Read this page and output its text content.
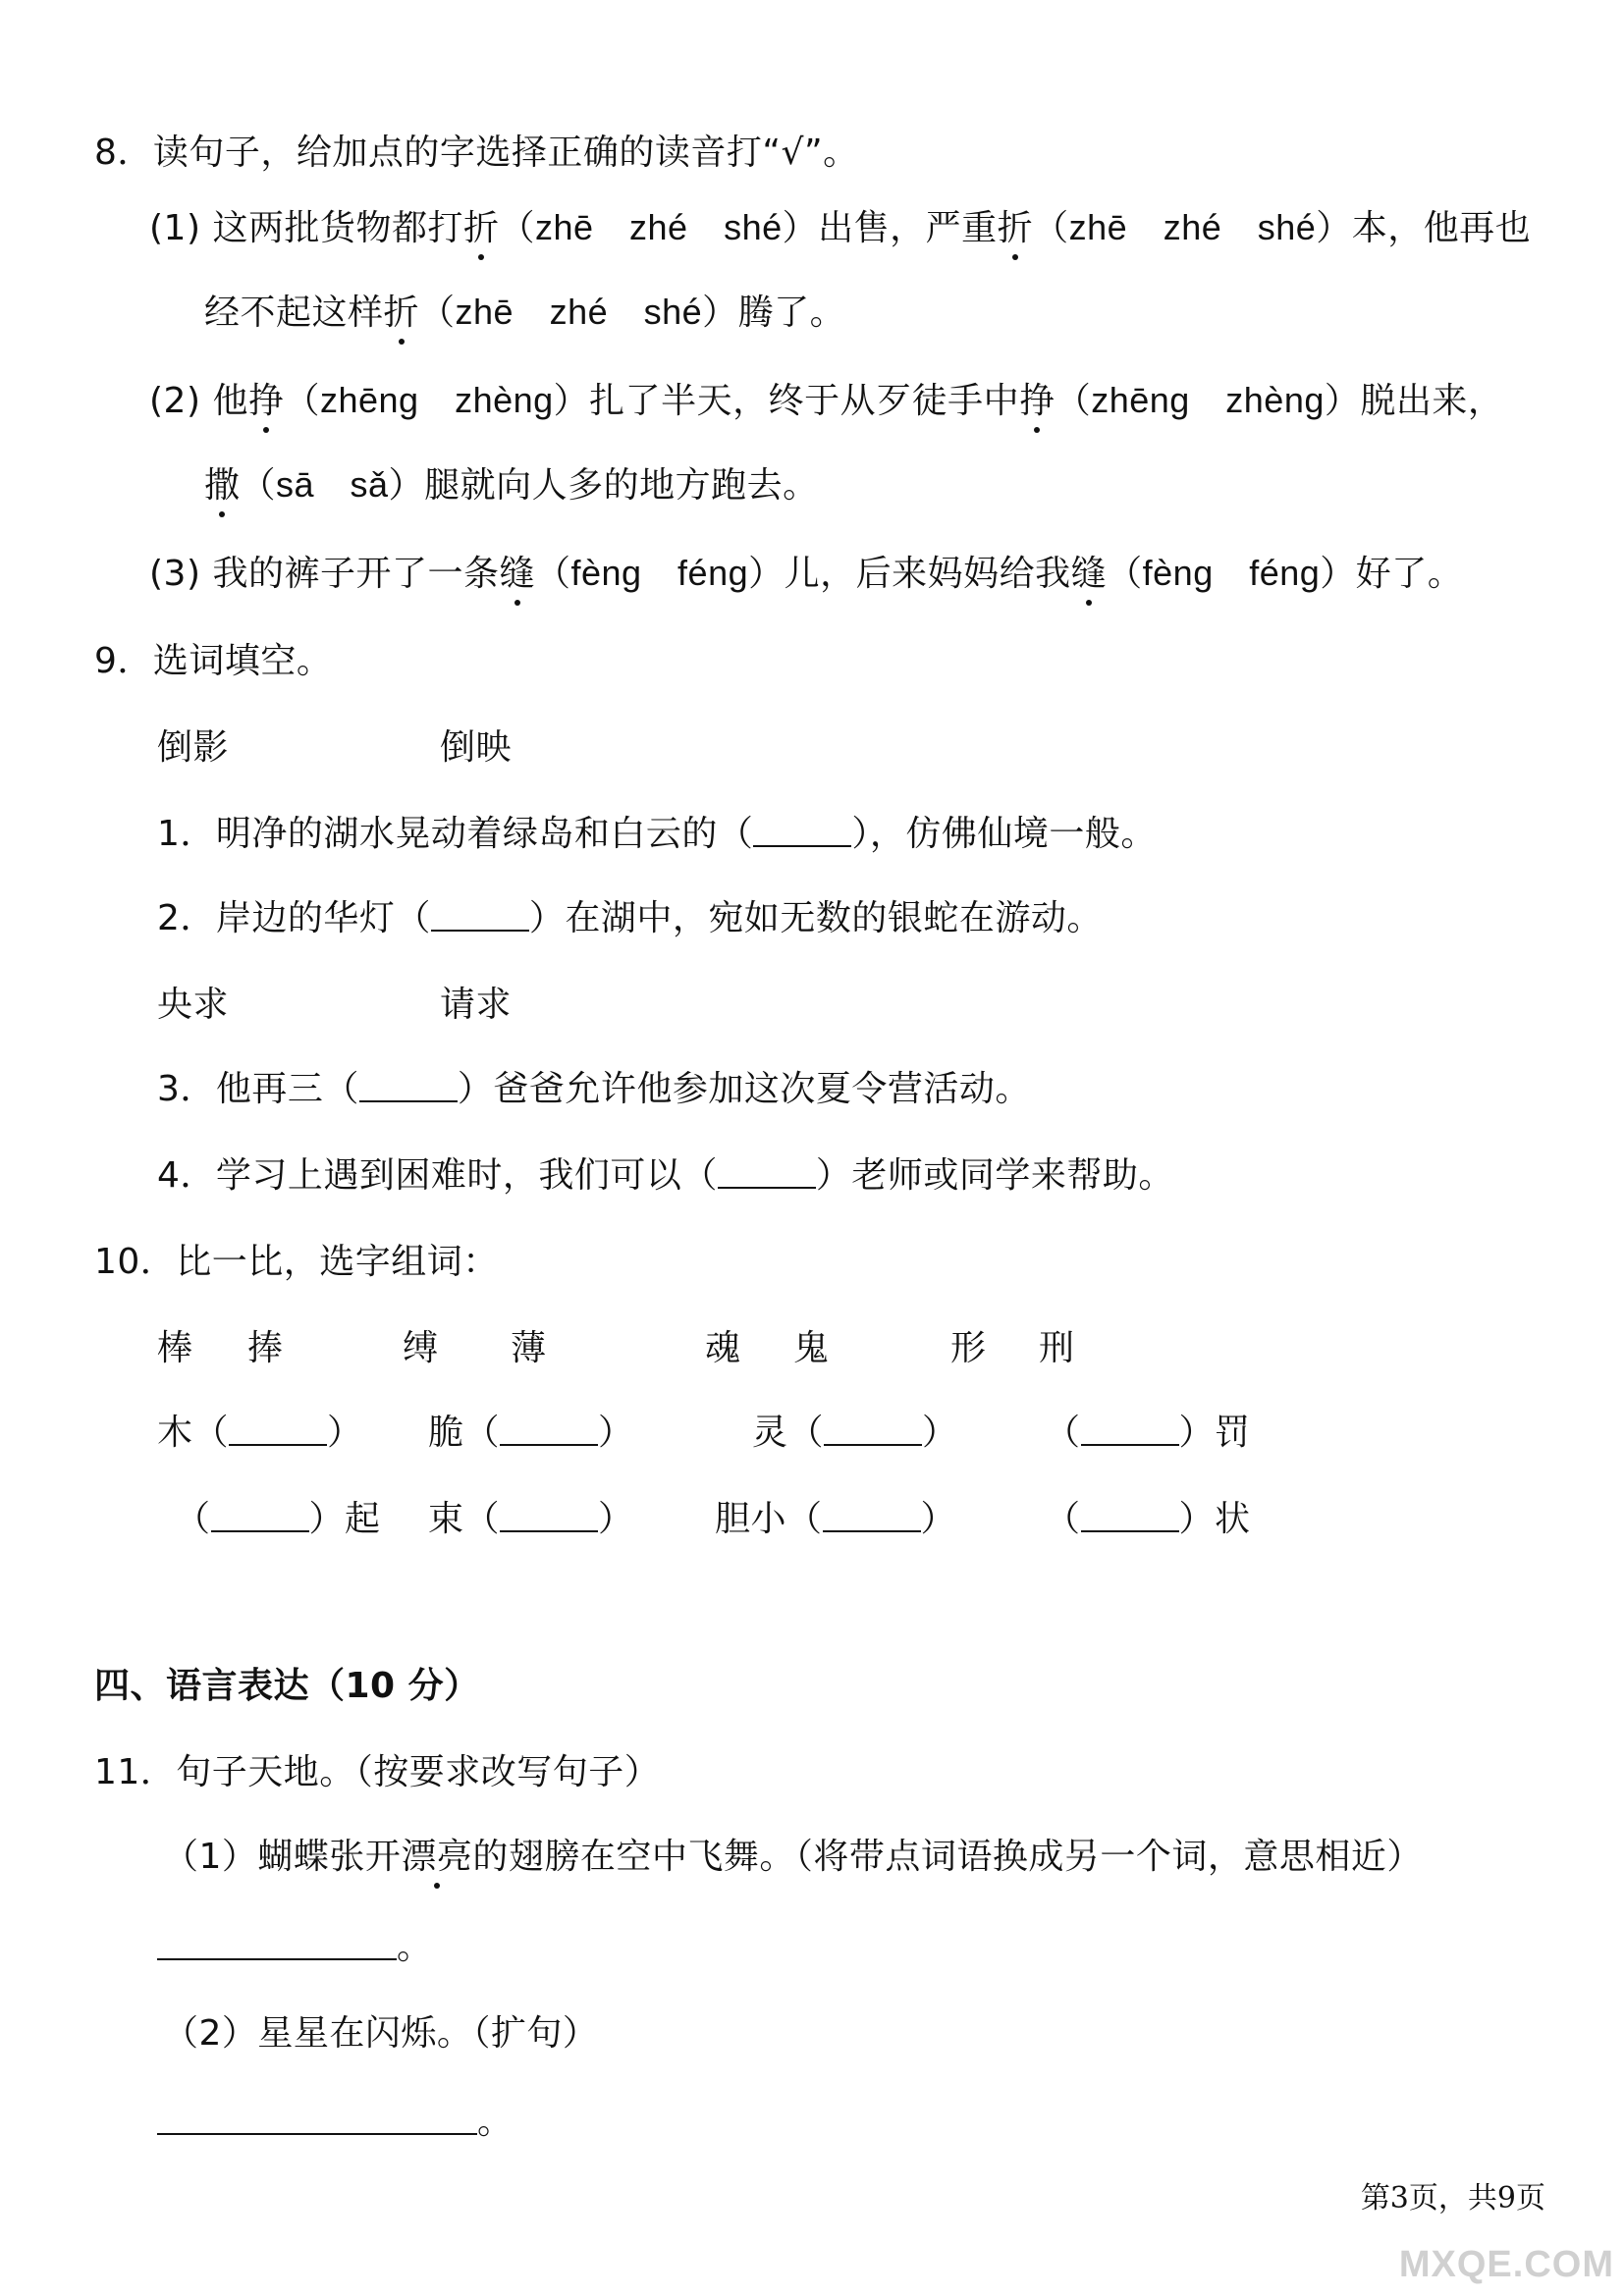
8．读句子，给加点的字选择正确的读音打“√”。
(1) 这两批货物都打折（zhē　zhé　shé）出售，严重折（zhē　zhé　shé）本，他再也
经不起这样折（zhē　zhé　shé）腾了。
(2) 他挣（zhēng　zhèng）扎了半天，终于从歹徒手中挣（zhēng　zhèng）脱出来，
撒（sā　sǎ）腿就向人多的地方跑去。
(3) 我的裤子开了一条缝（fèng　féng）儿，后来妈妈给我缝（fèng　féng）好了。
9．选词填空。
倒影	倒映
1．明净的湖水晃动着绿岛和白云的（	），仿佛仙境一般。
2．岸边的华灯（	）在湖中，宛如无数的银蛇在游动。
央求	请求
3．他再三（	）爸爸允许他参加这次夏令营活动。
4．学习上遇到困难时，我们可以（	）老师或同学来帮助。
10．比一比，选字组词：
棒 捧	缚 薄	魂 鬼	形 刑
木（	） 脆（	）	灵（	） （	）罚
（	）起 束（	） 胆小（	） （	）状
四、语言表达（10 分）
11．句子天地。（按要求改写句子）
（1）蝴蝶张开漂亮的翅膀在空中飞舞。（将带点词语换成另一个词，意思相近）
。
（2）星星在闪烁。（扩句）
。
第3页，共9页
MXQE.COM
